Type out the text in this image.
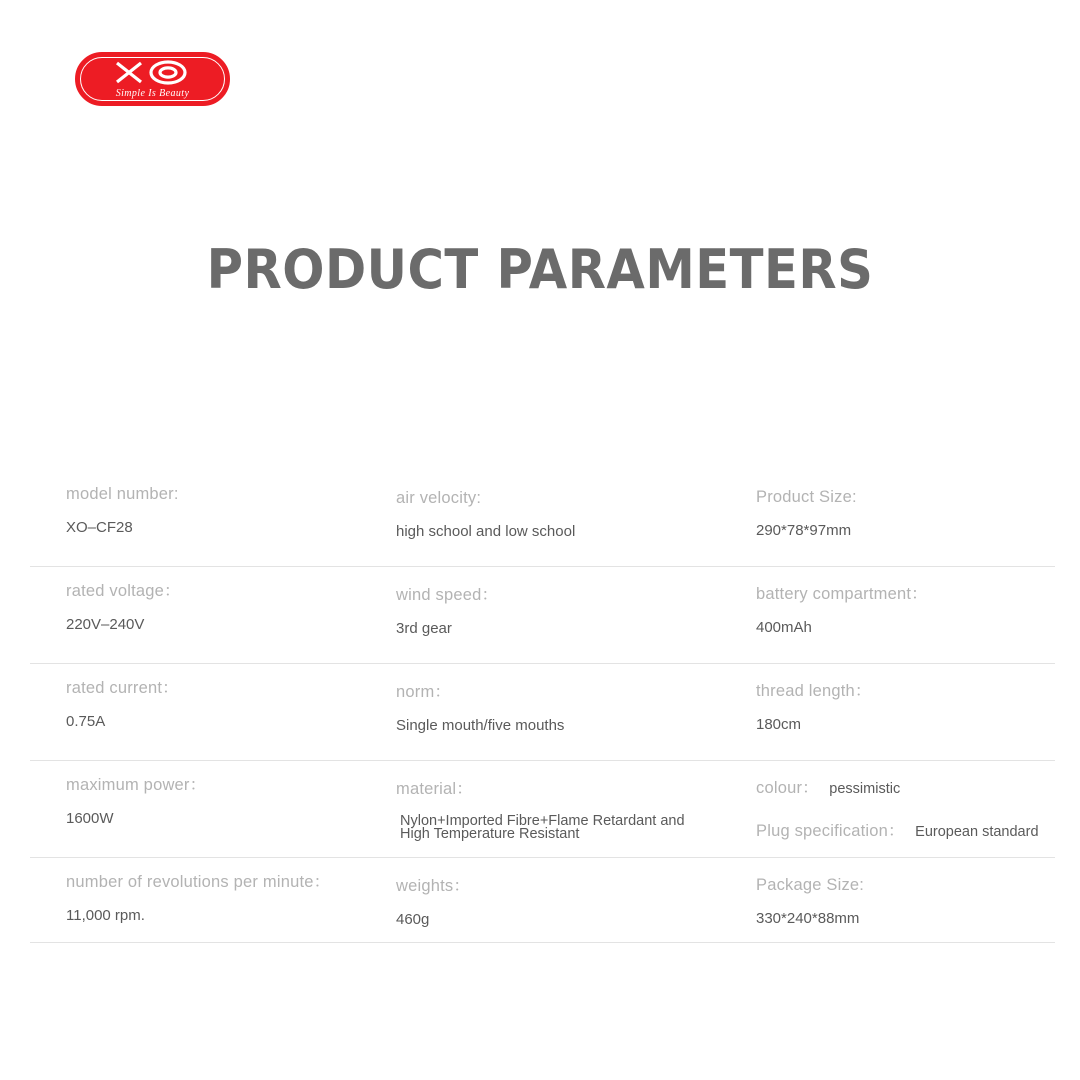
Simple Is Beauty
PRODUCT PARAMETERS
model number:
XO–CF28
air velocity:
high school and low school
Product Size:
290*78*97mm
rated voltage：
220V–240V
wind speed：
3rd gear
battery compartment：
400mAh
rated current：
0.75A
norm：
Single mouth/five mouths
thread length：
180cm
maximum power：
1600W
material：
Nylon+Imported Fibre+Flame Retardant and High Temperature Resistant
colour： pessimistic
Plug specification： European standard
number of revolutions per minute：
11,000 rpm.
weights：
460g
Package Size:
330*240*88mm
